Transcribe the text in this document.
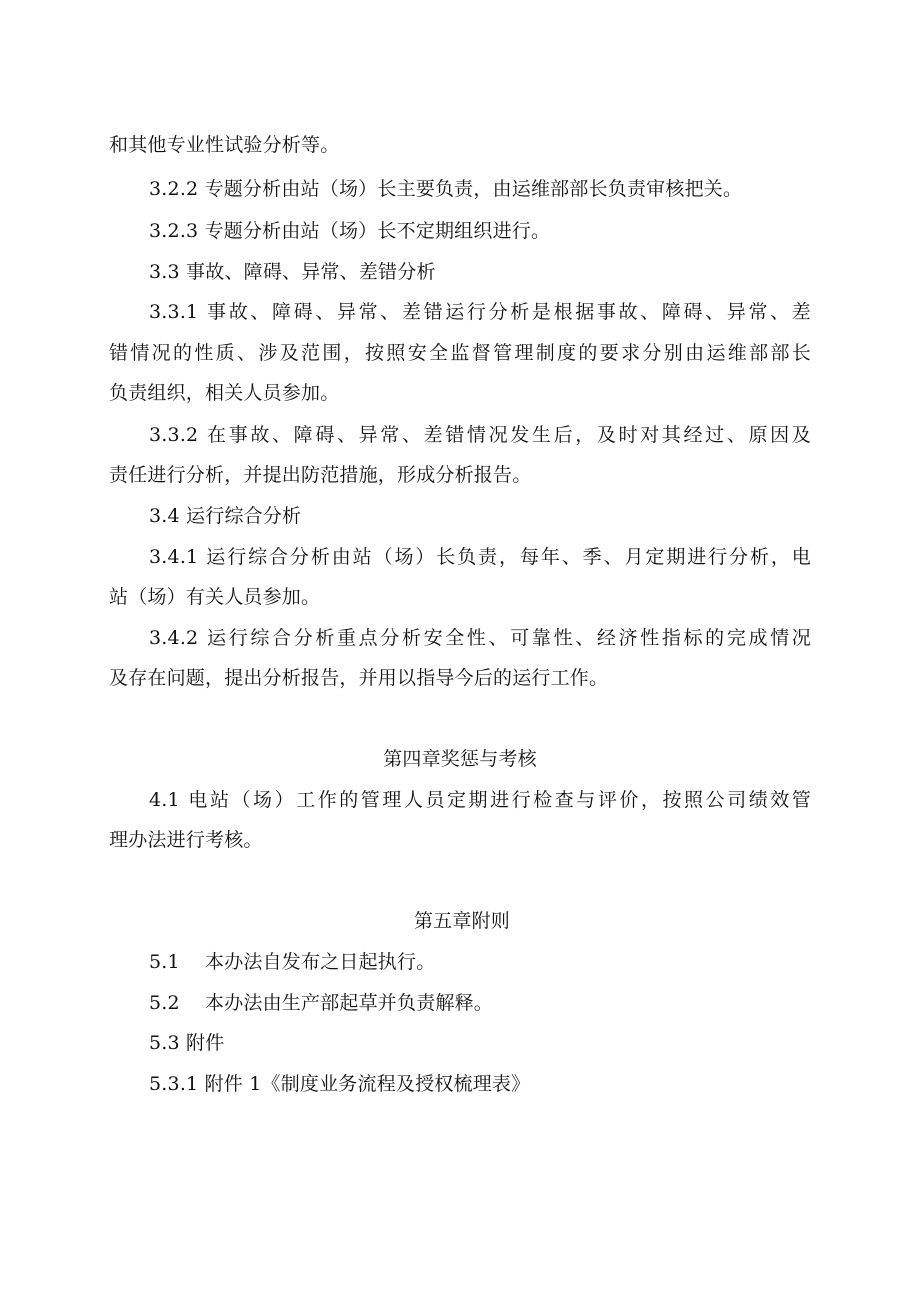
和其他专业性试验分析等。
3.2.2 专题分析由站（场）长主要负责，由运维部部长负责审核把关。
3.2.3 专题分析由站（场）长不定期组织进行。
3.3 事故、障碍、异常、差错分析
3.3.1 事故、障碍、异常、差错运行分析是根据事故、障碍、异常、差
错情况的性质、涉及范围，按照安全监督管理制度的要求分别由运维部部长
负责组织，相关人员参加。
3.3.2 在事故、障碍、异常、差错情况发生后，及时对其经过、原因及
责任进行分析，并提出防范措施，形成分析报告。
3.4 运行综合分析
3.4.1 运行综合分析由站（场）长负责，每年、季、月定期进行分析，电
站（场）有关人员参加。
3.4.2 运行综合分析重点分析安全性、可靠性、经济性指标的完成情况
及存在问题，提出分析报告，并用以指导今后的运行工作。
第四章奖惩与考核
4.1 电站（场）工作的管理人员定期进行检查与评价，按照公司绩效管
理办法进行考核。
第五章附则
5.1 本办法自发布之日起执行。
5.2 本办法由生产部起草并负责解释。
5.3 附件
5.3.1 附件 1《制度业务流程及授权梳理表》
